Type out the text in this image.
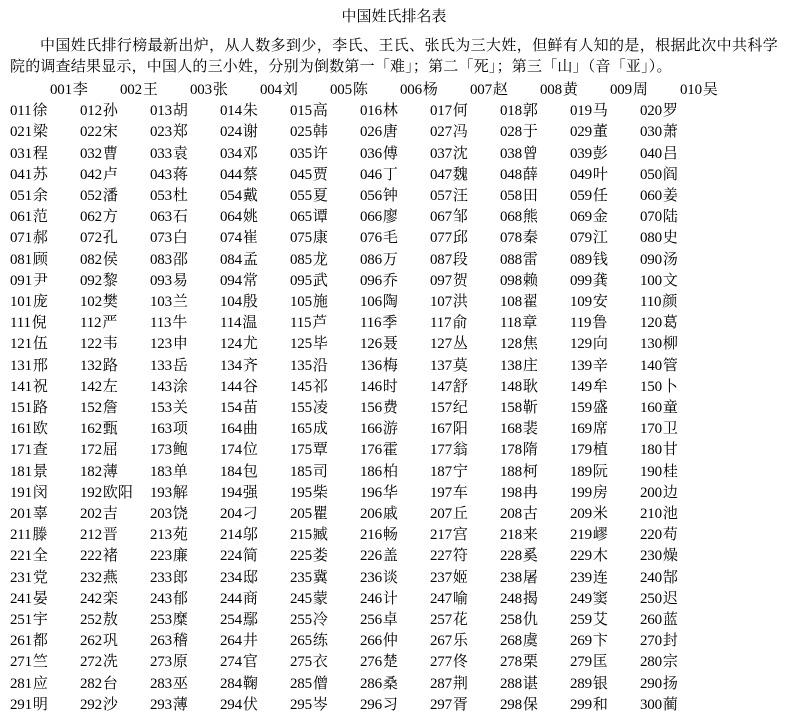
中国姓氏排名表

中国姓氏排行榜最新出炉，从人数多到少，李氏、王氏、张氏为三大姓，但鲜有人知的是，根据此次中共科学院的调查结果显示，中国人的三小姓，分别为倒数第一「难」；第二「死」；第三「山」（音「亚」）。

001李	002王	003张	004刘	005陈	006杨	007赵	008黄	009周	010吴
011徐	012孙	013胡	014朱	015高	016林	017何	018郭	019马	020罗
021梁	022宋	023郑	024谢	025韩	026唐	027冯	028于	029董	030萧
031程	032曹	033袁	034邓	035许	036傅	037沈	038曾	039彭	040吕
041苏	042卢	043蒋	044蔡	045贾	046丁	047魏	048薛	049叶	050阎
051余	052潘	053杜	054戴	055夏	056钟	057汪	058田	059任	060姜
061范	062方	063石	064姚	065谭	066廖	067邹	068熊	069金	070陆
071郝	072孔	073白	074崔	075康	076毛	077邱	078秦	079江	080史
081顾	082侯	083邵	084孟	085龙	086万	087段	088雷	089钱	090汤
091尹	092黎	093易	094常	095武	096乔	097贺	098赖	099龚	100文
101庞	102樊	103兰	104殷	105施	106陶	107洪	108翟	109安	110颜
111倪	112严	113牛	114温	115芦	116季	117俞	118章	119鲁	120葛
121伍	122韦	123申	124尤	125毕	126聂	127丛	128焦	129向	130柳
131邢	132路	133岳	134齐	135沿	136梅	137莫	138庄	139辛	140管
141祝	142左	143涂	144谷	145祁	146时	147舒	148耿	149牟	150卜
151路	152詹	153关	154苗	155凌	156费	157纪	158靳	159盛	160童
161欧	162甄	163项	164曲	165成	166游	167阳	168裴	169席	170卫
171查	172屈	173鲍	174位	175覃	176霍	177翁	178隋	179植	180甘
181景	182薄	183单	184包	185司	186柏	187宁	188柯	189阮	190桂
191闵	192欧阳	193解	194强	195柴	196华	197车	198冉	199房	200边
201辜	202吉	203饶	204刁	205瞿	206戚	207丘	208古	209米	210池
211滕	212晋	213苑	214邬	215臧	216畅	217宫	218来	219嵺	220苟
221全	222褚	223廉	224简	225娄	226盖	227符	228奚	229木	230燥
231党	232燕	233郎	234邸	235冀	236谈	237姬	238屠	239连	240郜
241晏	242栾	243郁	244商	245蒙	246计	247喻	248揭	249窦	250迟
251宇	252敖	253糜	254鄢	255冷	256卓	257花	258仇	259艾	260蓝
261都	262巩	263稽	264井	265练	266仲	267乐	268虞	269卞	270封
271竺	272冼	273原	274官	275衣	276楚	277佟	278栗	279匡	280宗
281应	282台	283巫	284鞠	285僧	286桑	287荆	288谌	289银	290扬
291明	292沙	293薄	294伏	295岑	296习	297胥	298保	299和	300蔺
